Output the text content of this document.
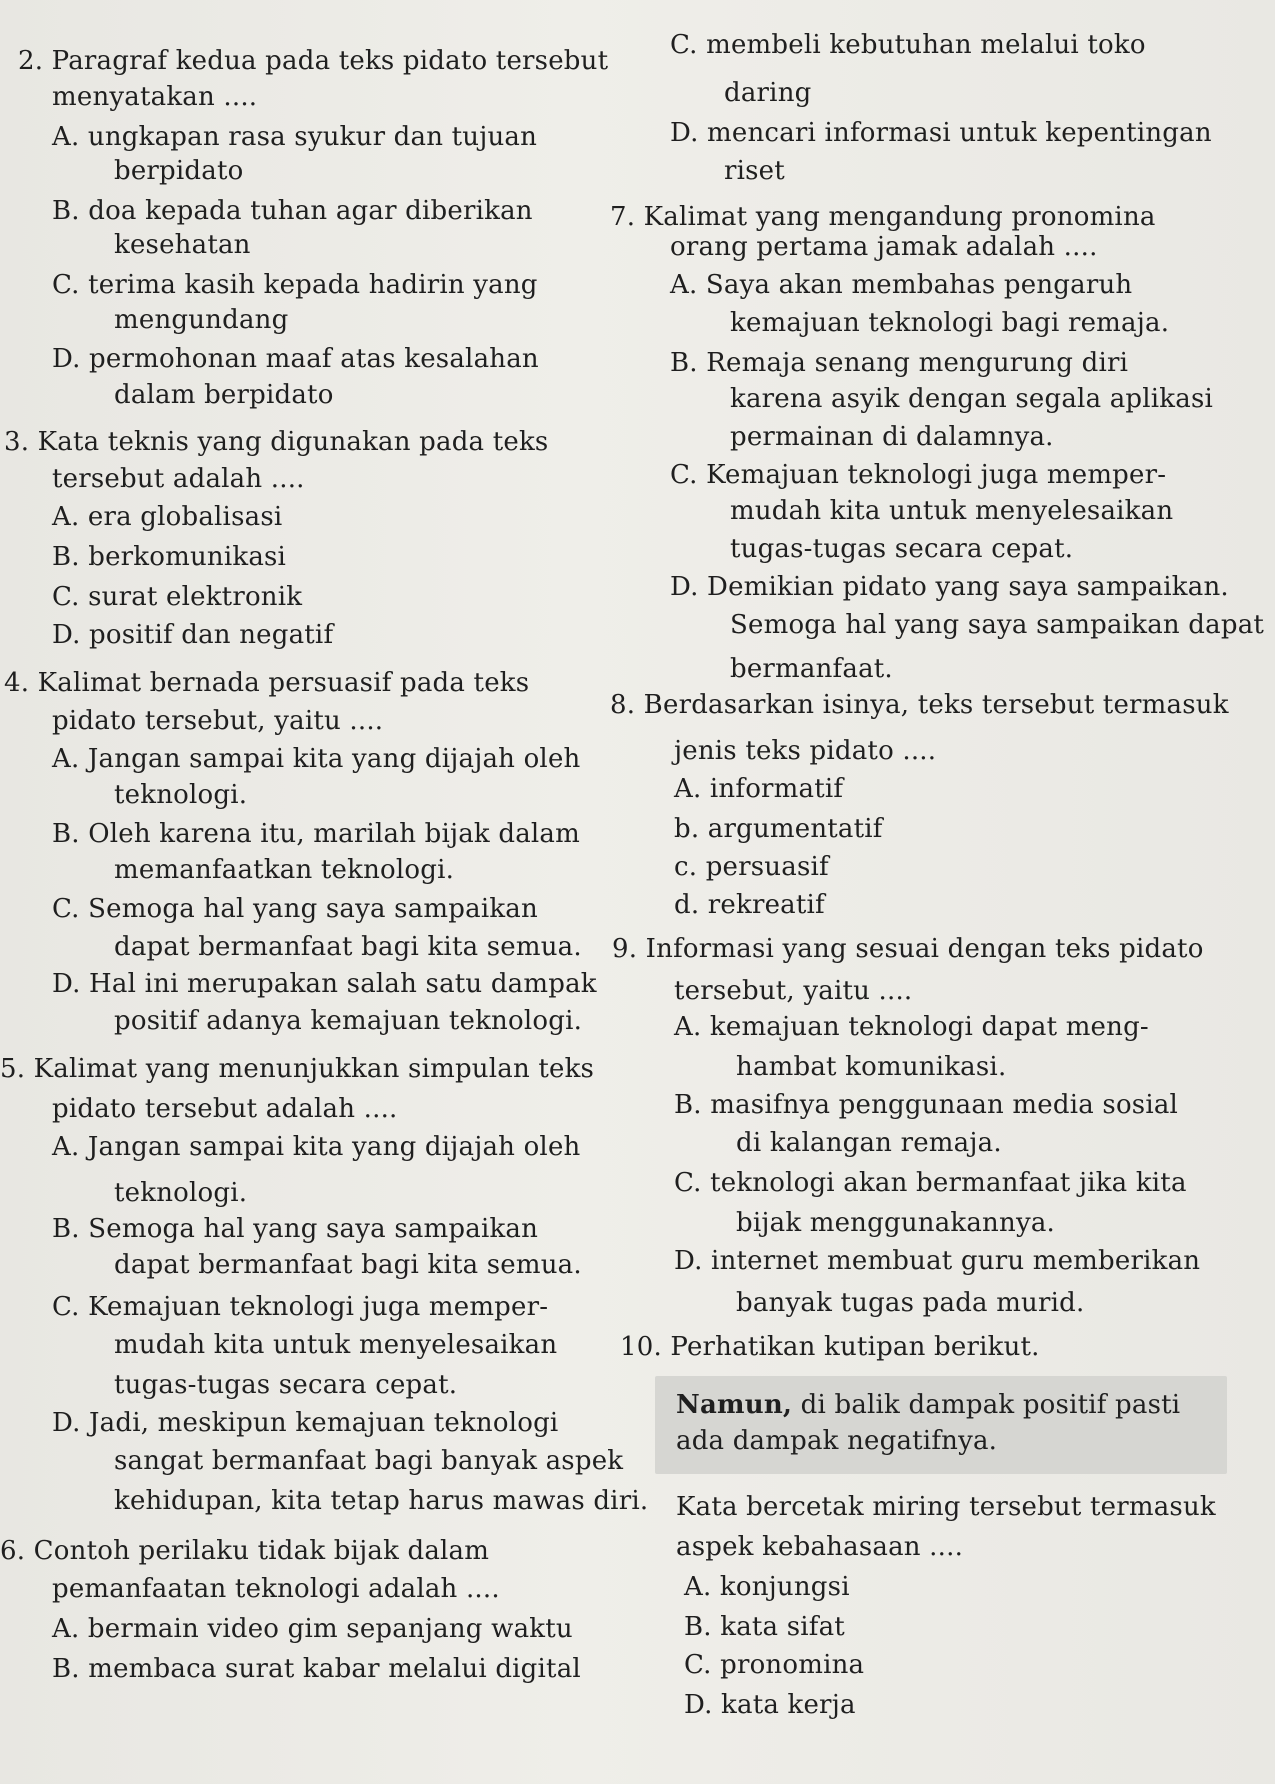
2. Paragraf kedua pada teks pidato tersebut
menyatakan ....
A. ungkapan rasa syukur dan tujuan
berpidato
B. doa kepada tuhan agar diberikan
kesehatan
C. terima kasih kepada hadirin yang
mengundang
D. permohonan maaf atas kesalahan
dalam berpidato
3. Kata teknis yang digunakan pada teks
tersebut adalah ....
A. era globalisasi
B. berkomunikasi
C. surat elektronik
D. positif dan negatif
4. Kalimat bernada persuasif pada teks
pidato tersebut, yaitu ....
A. Jangan sampai kita yang dijajah oleh
teknologi.
B. Oleh karena itu, marilah bijak dalam
memanfaatkan teknologi.
C. Semoga hal yang saya sampaikan
dapat bermanfaat bagi kita semua.
D. Hal ini merupakan salah satu dampak
positif adanya kemajuan teknologi.
5. Kalimat yang menunjukkan simpulan teks
pidato tersebut adalah ....
A. Jangan sampai kita yang dijajah oleh
teknologi.
B. Semoga hal yang saya sampaikan
dapat bermanfaat bagi kita semua.
C. Kemajuan teknologi juga memper-
mudah kita untuk menyelesaikan
tugas-tugas secara cepat.
D. Jadi, meskipun kemajuan teknologi
sangat bermanfaat bagi banyak aspek
kehidupan, kita tetap harus mawas diri.
6. Contoh perilaku tidak bijak dalam
pemanfaatan teknologi adalah ....
A. bermain video gim sepanjang waktu
B. membaca surat kabar melalui digital
C. membeli kebutuhan melalui toko
daring
D. mencari informasi untuk kepentingan
riset
7. Kalimat yang mengandung pronomina
orang pertama jamak adalah ....
A. Saya akan membahas pengaruh
kemajuan teknologi bagi remaja.
B. Remaja senang mengurung diri
karena asyik dengan segala aplikasi
permainan di dalamnya.
C. Kemajuan teknologi juga memper-
mudah kita untuk menyelesaikan
tugas-tugas secara cepat.
D. Demikian pidato yang saya sampaikan.
Semoga hal yang saya sampaikan dapat
bermanfaat.
8. Berdasarkan isinya, teks tersebut termasuk
jenis teks pidato ....
A. informatif
b. argumentatif
c. persuasif
d. rekreatif
9. Informasi yang sesuai dengan teks pidato
tersebut, yaitu ....
A. kemajuan teknologi dapat meng-
hambat komunikasi.
B. masifnya penggunaan media sosial
di kalangan remaja.
C. teknologi akan bermanfaat jika kita
bijak menggunakannya.
D. internet membuat guru memberikan
banyak tugas pada murid.
10. Perhatikan kutipan berikut.
Namun, di balik dampak positif pasti
ada dampak negatifnya.
Kata bercetak miring tersebut termasuk
aspek kebahasaan ....
A. konjungsi
B. kata sifat
C. pronomina
D. kata kerja
